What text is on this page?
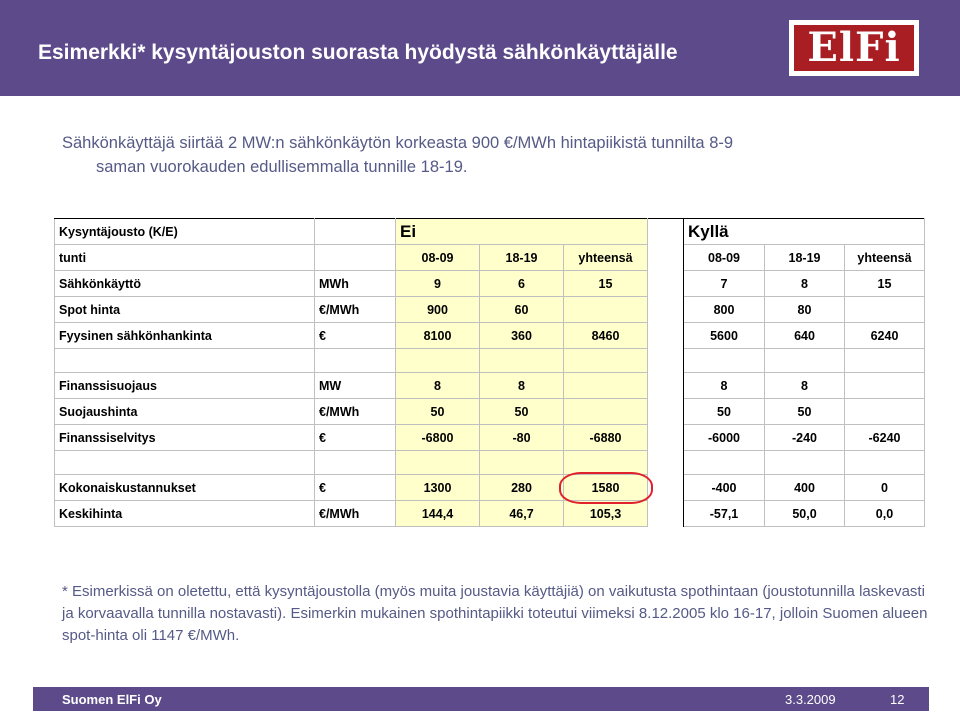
Esimerkki* kysyntäjouston suorasta hyödystä sähkönkäyttäjälle	ElFi
Sähkönkäyttäjä siirtää 2 MW:n sähkönkäytön korkeasta 900 €/MWh hintapiikistä tunnilta 8-9
saman vuorokauden edullisemmalla tunnille 18-19.
Kysyntäjousto (K/E)		Ei				Kyllä		
tunti		08-09	18-19	yhteensä		08-09	18-19	yhteensä
Sähkönkäyttö	MWh	9	6	15		7	8	15
Spot hinta	€/MWh	900	60			800	80	
Fyysinen sähkönhankinta	€	8100	360	8460		5600	640	6240

Finanssisuojaus	MW	8	8			8	8	
Suojaushinta	€/MWh	50	50			50	50	
Finanssiselvitys	€	-6800	-80	-6880		-6000	-240	-6240

Kokonaiskustannukset	€	1300	280	1580		-400	400	0
Keskihinta	€/MWh	144,4	46,7	105,3		-57,1	50,0	0,0
* Esimerkissä on oletettu, että kysyntäjoustolla (myös muita joustavia käyttäjiä) on vaikutusta spothintaan (joustotunnilla laskevasti ja korvaavalla tunnilla nostavasti). Esimerkin mukainen spothintapiikki toteutui viimeksi 8.12.2005 klo 16-17, jolloin Suomen alueen spot-hinta oli 1147 €/MWh.
Suomen ElFi Oy	3.3.2009	12
